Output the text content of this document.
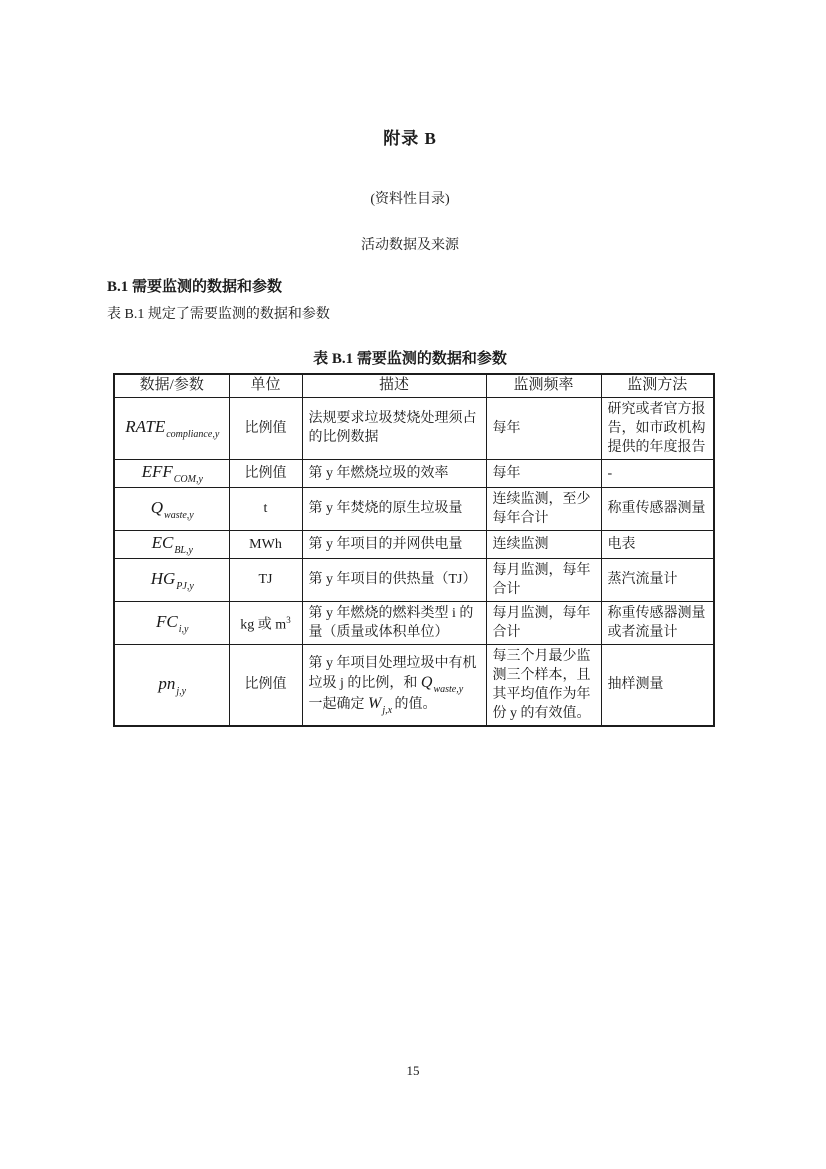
附录 B
(资料性目录)
活动数据及来源
B.1 需要监测的数据和参数
表 B.1 规定了需要监测的数据和参数
表 B.1 需要监测的数据和参数
数据/参数	单位	描述	监测频率	监测方法
$RATE_{compliance,y}$	比例值	法规要求垃圾焚烧处理须占的比例数据	每年	研究或者官方报告，如市政机构提供的年度报告
$EFF_{COM,y}$	比例值	第 y 年燃烧垃圾的效率	每年	-
$Q_{waste,y}$	t	第 y 年焚烧的原生垃圾量	连续监测，至少每年合计	称重传感器测量
$EC_{BL,y}$	MWh	第 y 年项目的并网供电量	连续监测	电表
$HG_{PJ,y}$	TJ	第 y 年项目的供热量（TJ）	每月监测，每年合计	蒸汽流量计
$FC_{i,y}$	kg 或 $m^3$	第 y 年燃烧的燃料类型 i 的量（质量或体积单位）	每月监测，每年合计	称重传感器测量或者流量计
$pn_{j,y}$	比例值	第 y 年项目处理垃圾中有机垃圾 j 的比例，和 $Q_{waste,y}$ 一起确定 $W_{j,x}$ 的值。	每三个月最少监测三个样本，且其平均值作为年份 y 的有效值。	抽样测量
15
